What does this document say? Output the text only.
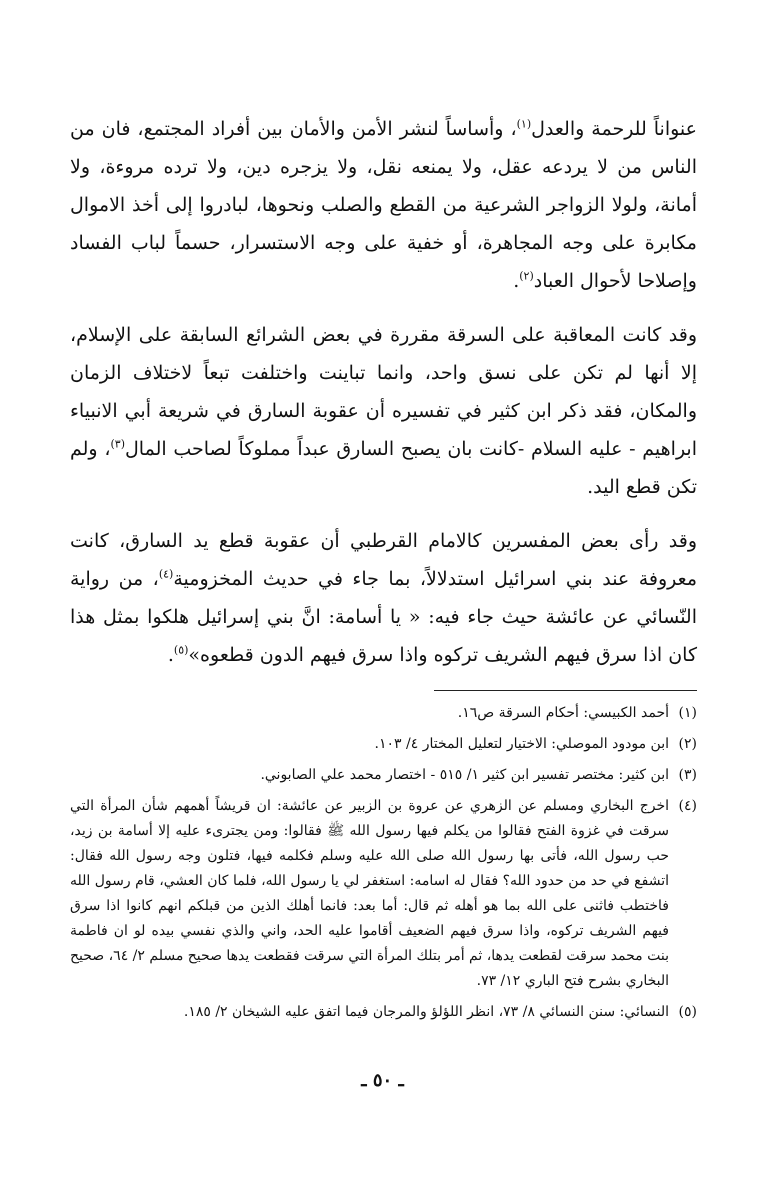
عنواناً للرحمة والعدل$^{(١)}$، وأساساً لنشر الأمن والأمان بين أفراد المجتمع، فان من الناس من لا يردعه عقل، ولا يمنعه نقل، ولا يزجره دين، ولا ترده مروءة، ولا أمانة، ولولا الزواجر الشرعية من القطع والصلب ونحوها، لبادروا إلى أخذ الاموال مكابرة على وجه المجاهرة، أو خفية على وجه الاستسرار، حسماً لباب الفساد وإصلاحا لأحوال العباد$^{(٢)}$.

وقد كانت المعاقبة على السرقة مقررة في بعض الشرائع السابقة على الإسلام، إلا أنها لم تكن على نسق واحد، وانما تباينت واختلفت تبعاً لاختلاف الزمان والمكان، فقد ذكر ابن كثير في تفسيره أن عقوبة السارق في شريعة أبي الانبياء ابراهيم - عليه السلام -كانت بان يصبح السارق عبداً مملوكاً لصاحب المال$^{(٣)}$، ولم تكن قطع اليد.

وقد رأى بعض المفسرين كالامام القرطبي أن عقوبة قطع يد السارق، كانت معروفة عند بني اسرائيل استدلالاً، بما جاء في حديث المخزومية$^{(٤)}$، من رواية النّسائي عن عائشة حيث جاء فيه: « يا أسامة: انَّ بني إسرائيل هلكوا بمثل هذا كان اذا سرق فيهم الشريف تركوه واذا سرق فيهم الدون قطعوه»$^{(٥)}$.

(١)
أحمد الكبيسي: أحكام السرقة ص١٦.
(٢)
ابن مودود الموصلي: الاختيار لتعليل المختار ٤/ ١٠٣.
(٣)
ابن كثير: مختصر تفسير ابن كثير ١/ ٥١٥ - اختصار محمد علي الصابوني.
(٤)
اخرج البخاري ومسلم عن الزهري عن عروة بن الزبير عن عائشة: ان قريشاً أهمهم شأن المرأة التي سرقت في غزوة الفتح فقالوا من يكلم فيها رسول الله ﷺ فقالوا: ومن يجترىء عليه إلا أسامة بن زيد، حب رسول الله، فأتى بها رسول الله صلى الله عليه وسلم فكلمه فيها، فتلون وجه رسول الله فقال: اتشفع في حد من حدود الله؟ فقال له اسامه: استغفر لي يا رسول الله، فلما كان العشي، قام رسول الله فاختطب فاثنى على الله بما هو أهله ثم قال: أما بعد: فانما أهلك الذين من قبلكم انهم كانوا اذا سرق فيهم الشريف تركوه، واذا سرق فيهم الضعيف أقاموا عليه الحد، واني والذي نفسي بيده لو ان فاطمة بنت محمد سرقت لقطعت يدها، ثم أمر بتلك المرأة التي سرقت فقطعت يدها صحيح مسلم ٢/ ٦٤، صحيح البخاري بشرح فتح الباري ١٢/ ٧٣.
(٥)
النسائي: سنن النسائي ٨/ ٧٣، انظر اللؤلؤ والمرجان فيما اتفق عليه الشيخان ٢/ ١٨٥.
ـ ٥٠ ـ
